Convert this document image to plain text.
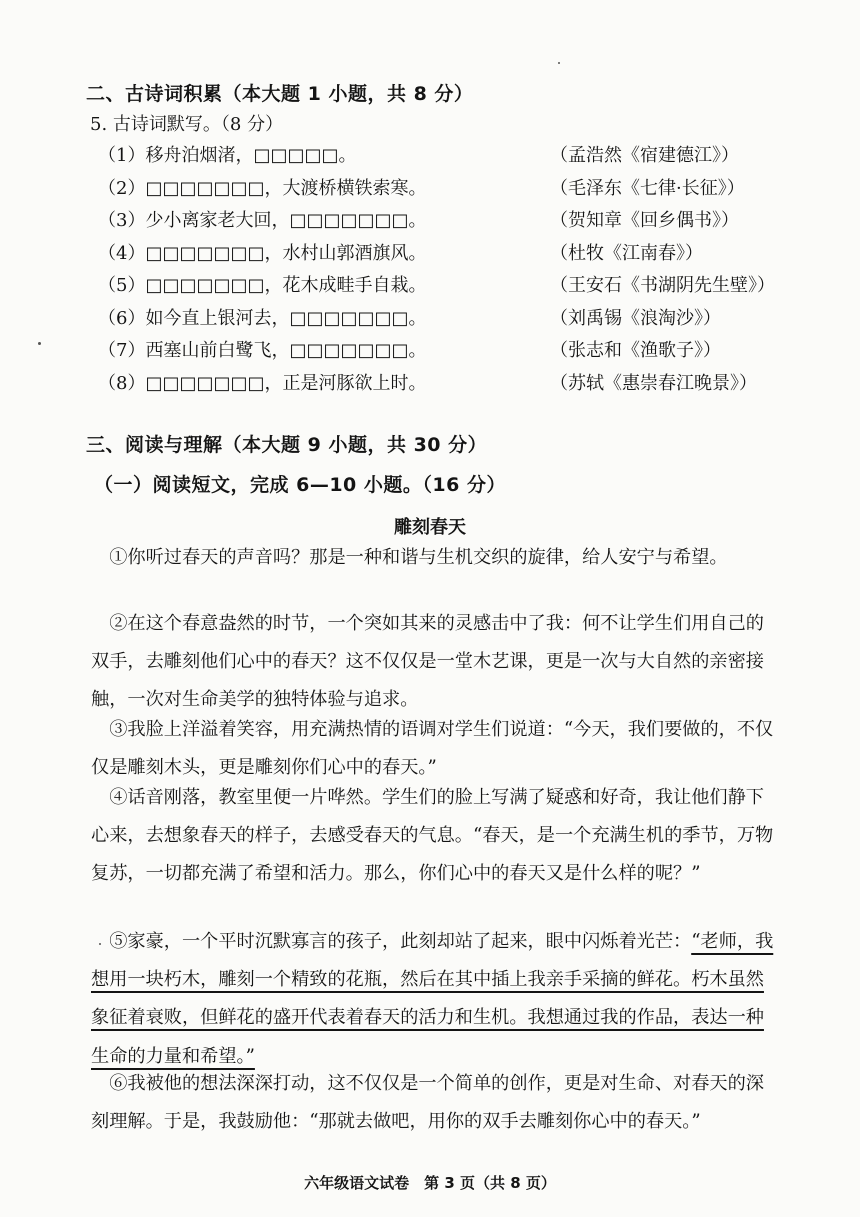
二、古诗词积累（本大题 1 小题，共 8 分）
5. 古诗词默写。（8 分）
（1）移舟泊烟渚，□□□□□。	（孟浩然《宿建德江》）
（2）□□□□□□□，大渡桥横铁索寒。	（毛泽东《七律·长征》）
（3）少小离家老大回，□□□□□□□。	（贺知章《回乡偶书》）
（4）□□□□□□□，水村山郭酒旗风。	（杜牧《江南春》）
（5）□□□□□□□，花木成畦手自栽。	（王安石《书湖阴先生壁》）
（6）如今直上银河去，□□□□□□□。	（刘禹锡《浪淘沙》）
（7）西塞山前白鹭飞，□□□□□□□。	（张志和《渔歌子》）
（8）□□□□□□□，正是河豚欲上时。	（苏轼《惠崇春江晚景》）
三、阅读与理解（本大题 9 小题，共 30 分）
（一）阅读短文，完成 6—10 小题。（16 分）
雕刻春天

①你听过春天的声音吗？那是一种和谐与生机交织的旋律，给人安宁与希望。

②在这个春意盎然的时节，一个突如其来的灵感击中了我：何不让学生们用自己的双手，去雕刻他们心中的春天？这不仅仅是一堂木艺课，更是一次与大自然的亲密接触，一次对生命美学的独特体验与追求。

③我脸上洋溢着笑容，用充满热情的语调对学生们说道：“今天，我们要做的，不仅仅是雕刻木头，更是雕刻你们心中的春天。”

④话音刚落，教室里便一片哗然。学生们的脸上写满了疑惑和好奇，我让他们静下心来，去想象春天的样子，去感受春天的气息。“春天，是一个充满生机的季节，万物复苏，一切都充满了希望和活力。那么，你们心中的春天又是什么样的呢？”

⑤家豪，一个平时沉默寡言的孩子，此刻却站了起来，眼中闪烁着光芒：“老师，我想用一块朽木，雕刻一个精致的花瓶，然后在其中插上我亲手采摘的鲜花。朽木虽然象征着衰败，但鲜花的盛开代表着春天的活力和生机。我想通过我的作品，表达一种生命的力量和希望。”

⑥我被他的想法深深打动，这不仅仅是一个简单的创作，更是对生命、对春天的深刻理解。于是，我鼓励他：“那就去做吧，用你的双手去雕刻你心中的春天。”

六年级语文试卷　第 3 页（共 8 页）
